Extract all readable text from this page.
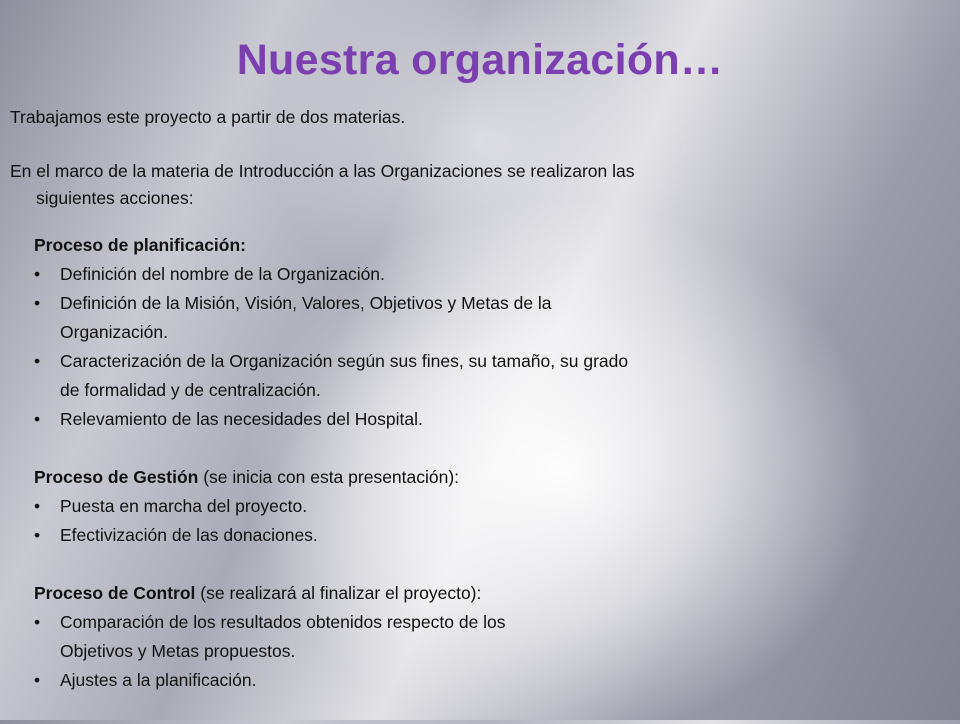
Nuestra organización…

Trabajamos este proyecto a partir de dos materias.

En el marco de la materia de Introducción a las Organizaciones se realizaron las

siguientes acciones:

Proceso de planificación:
• Definición del nombre de la Organización.
• Definición de la Misión, Visión, Valores, Objetivos y Metas de la
Organización.
• Caracterización de la Organización según sus fines, su tamaño, su grado
de formalidad y de centralización.
• Relevamiento de las necesidades del Hospital.
Proceso de Gestión (se inicia con esta presentación):
• Puesta en marcha del proyecto.
• Efectivización de las donaciones.
Proceso de Control (se realizará al finalizar el proyecto):
• Comparación de los resultados obtenidos respecto de los
Objetivos y Metas propuestos.
• Ajustes a la planificación.
